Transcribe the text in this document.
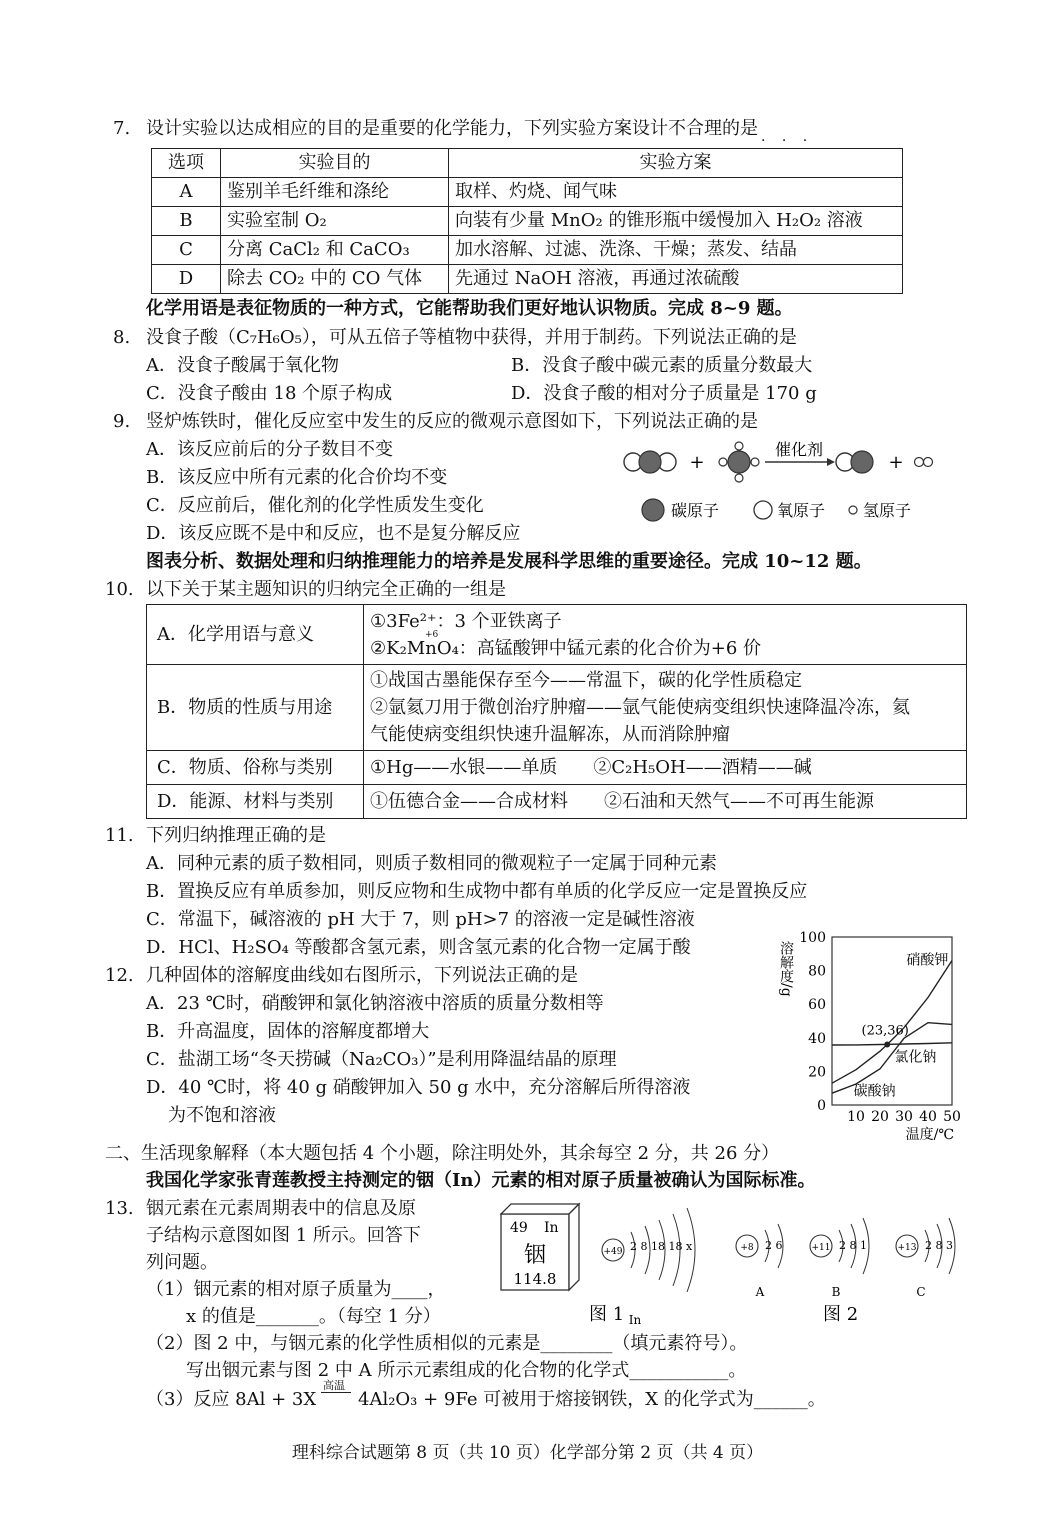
7. 设计实验以达成相应的目的是重要的化学能力，下列实验方案设计不合理的是
· · ·
选项	实验目的	实验方案
A	鉴别羊毛纤维和涤纶	取样、灼烧、闻气味
B	实验室制 O₂	向装有少量 MnO₂ 的锥形瓶中缓慢加入 H₂O₂ 溶液
C	分离 CaCl₂ 和 CaCO₃	加水溶解、过滤、洗涤、干燥；蒸发、结晶
D	除去 CO₂ 中的 CO 气体	先通过 NaOH 溶液，再通过浓硫酸
化学用语是表征物质的一种方式，它能帮助我们更好地认识物质。完成 8~9 题。
8. 没食子酸（C₇H₆O₅），可从五倍子等植物中获得，并用于制药。下列说法正确的是
A．没食子酸属于氧化物	B．没食子酸中碳元素的质量分数最大
C．没食子酸由 18 个原子构成	D．没食子酸的相对分子质量是 170 g
9. 竖炉炼铁时，催化反应室中发生的反应的微观示意图如下，下列说法正确的是
A．该反应前后的分子数目不变
B．该反应中所有元素的化合价均不变
C．反应前后，催化剂的化学性质发生变化
D．该反应既不是中和反应，也不是复分解反应
+
催化剂
+
碳原子	氧原子 氢原子
图表分析、数据处理和归纳推理能力的培养是发展科学思维的重要途径。完成 10~12 题。
10. 以下关于某主题知识的归纳完全正确的一组是
A．化学用语与意义	①3Fe²⁺：3 个亚铁离子
②K₂MnO₄：高锰酸钾中锰元素的化合价为+6 价
+6

B．物质的性质与用途	①战国古墨能保存至今——常温下，碳的化学性质稳定
②氩氦刀用于微创治疗肿瘤——氩气能使病变组织快速降温冷冻，氦
气能使病变组织快速升温解冻，从而消除肿瘤

C．物质、俗称与类别	①Hg——水银——单质　　②C₂H₅OH——酒精——碱
D．能源、材料与类别	①伍德合金——合成材料　　②石油和天然气——不可再生能源
11. 下列归纳推理正确的是
A．同种元素的质子数相同，则质子数相同的微观粒子一定属于同种元素
B．置换反应有单质参加，则反应物和生成物中都有单质的化学反应一定是置换反应
C．常温下，碱溶液的 pH 大于 7，则 pH>7 的溶液一定是碱性溶液
D．HCl、H₂SO₄ 等酸都含氢元素，则含氢元素的化合物一定属于酸
12. 几种固体的溶解度曲线如右图所示，下列说法正确的是
A．23 ℃时，硝酸钾和氯化钠溶液中溶质的质量分数相等
B．升高温度，固体的溶解度都增大
C．盐湖工场“冬天捞碱（Na₂CO₃）”是利用降温结晶的原理
D．40 ℃时，将 40 g 硝酸钾加入 50 g 水中，充分溶解后所得溶液
为不饱和溶液	0
20
40
60
80
100
10 20 30 40 50
温度/℃
溶解度/g	硝酸钾
氯化钠
碳酸钠
(23,36)
二、生活现象解释（本大题包括 4 个小题，除注明处外，其余每空 2 分，共 26 分）
我国化学家张青莲教授主持测定的铟（In）元素的相对原子质量被确认为国际标准。
13. 铟元素在元素周期表中的信息及原
子结构示意图如图 1 所示。回答下
列问题。
（1）铟元素的相对原子质量为____，
x 的值是_______。（每空 1 分）
（2）图 2 中，与铟元素的化学性质相似的元素是________（填元素符号）。
写出铟元素与图 2 中 A 所示元素组成的化合物的化学式___________。
（3）反应 8Al + 3X
高温
4Al₂O₃ + 9Fe 可被用于熔接钢铁，X 的化学式为______。
49 In
铟
114.8
+49 2 8 18 18 x
In
图 1
+8 2 6
A
+11 2 8 1
B
+13 2 8 3
C
图 2
理科综合试题第 8 页（共 10 页）化学部分第 2 页（共 4 页）
